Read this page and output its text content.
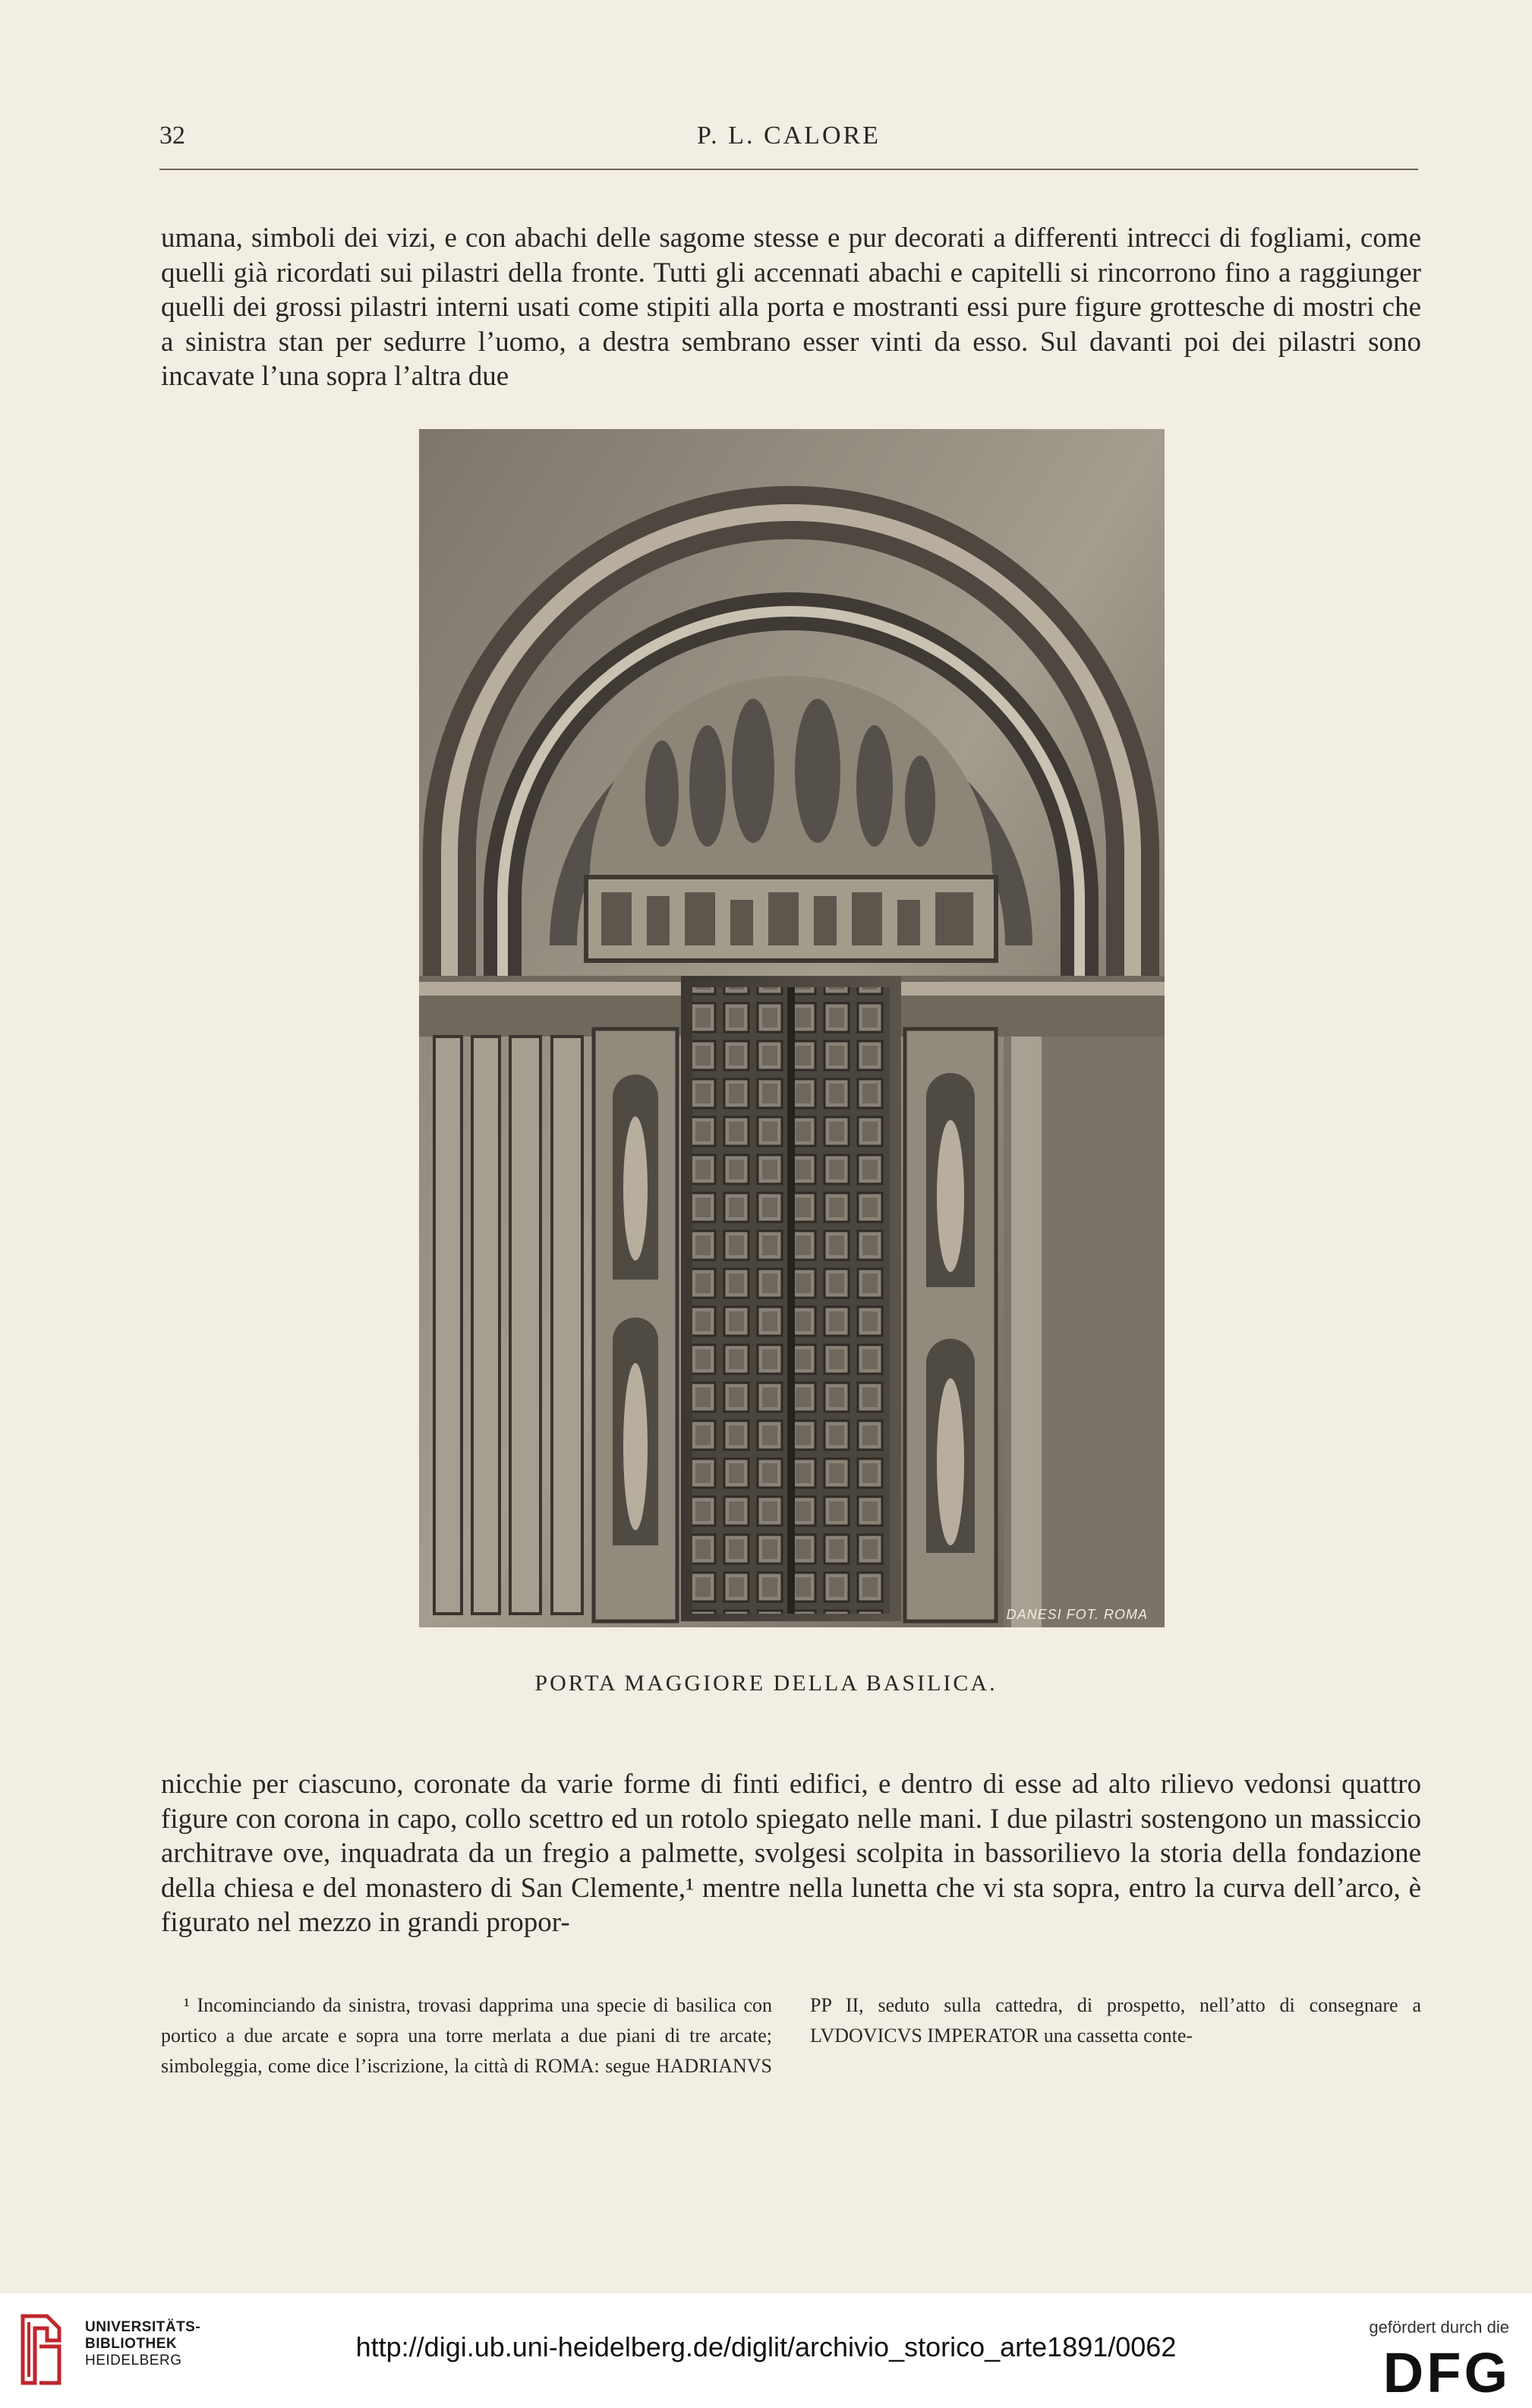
32	P. L. CALORE

umana, simboli dei vizi, e con abachi delle sagome stesse e pur decorati a differenti intrecci di fogliami, come quelli già ricordati sui pilastri della fronte. Tutti gli accennati abachi e capitelli si rincorrono fino a raggiunger quelli dei grossi pilastri interni usati come stipiti alla porta e mostranti essi pure figure grottesche di mostri che a sinistra stan per sedurre l’uomo, a destra sembrano esser vinti da esso. Sul davanti poi dei pilastri sono incavate l’una sopra l’altra due

DANESI FOT. ROMA
PORTA MAGGIORE DELLA BASILICA.

nicchie per ciascuno, coronate da varie forme di finti edifici, e dentro di esse ad alto rilievo vedonsi quattro figure con corona in capo, collo scettro ed un rotolo spiegato nelle mani. I due pilastri sostengono un massiccio architrave ove, inquadrata da un fregio a palmette, svolgesi scolpita in bassorilievo la storia della fondazione della chiesa e del monastero di San Clemente,¹ mentre nella lunetta che vi sta sopra, entro la curva dell’arco, è figurato nel mezzo in grandi propor-

¹ Incominciando da sinistra, trovasi dapprima una specie di basilica con portico a due arcate e sopra una torre merlata a due piani di tre arcate; simboleggia, come dice l’iscrizione, la città di ROMA: segue HADRIANVS PP II, seduto sulla cattedra, di prospetto, nell’atto di consegnare a LVDOVICVS IMPERATOR una cassetta conte-

UNIVERSITÄTS-
BIBLIOTHEK
HEIDELBERG	http://digi.ub.uni-heidelberg.de/diglit/archivio_storico_arte1891/0062
gefördert durch die
DFG
